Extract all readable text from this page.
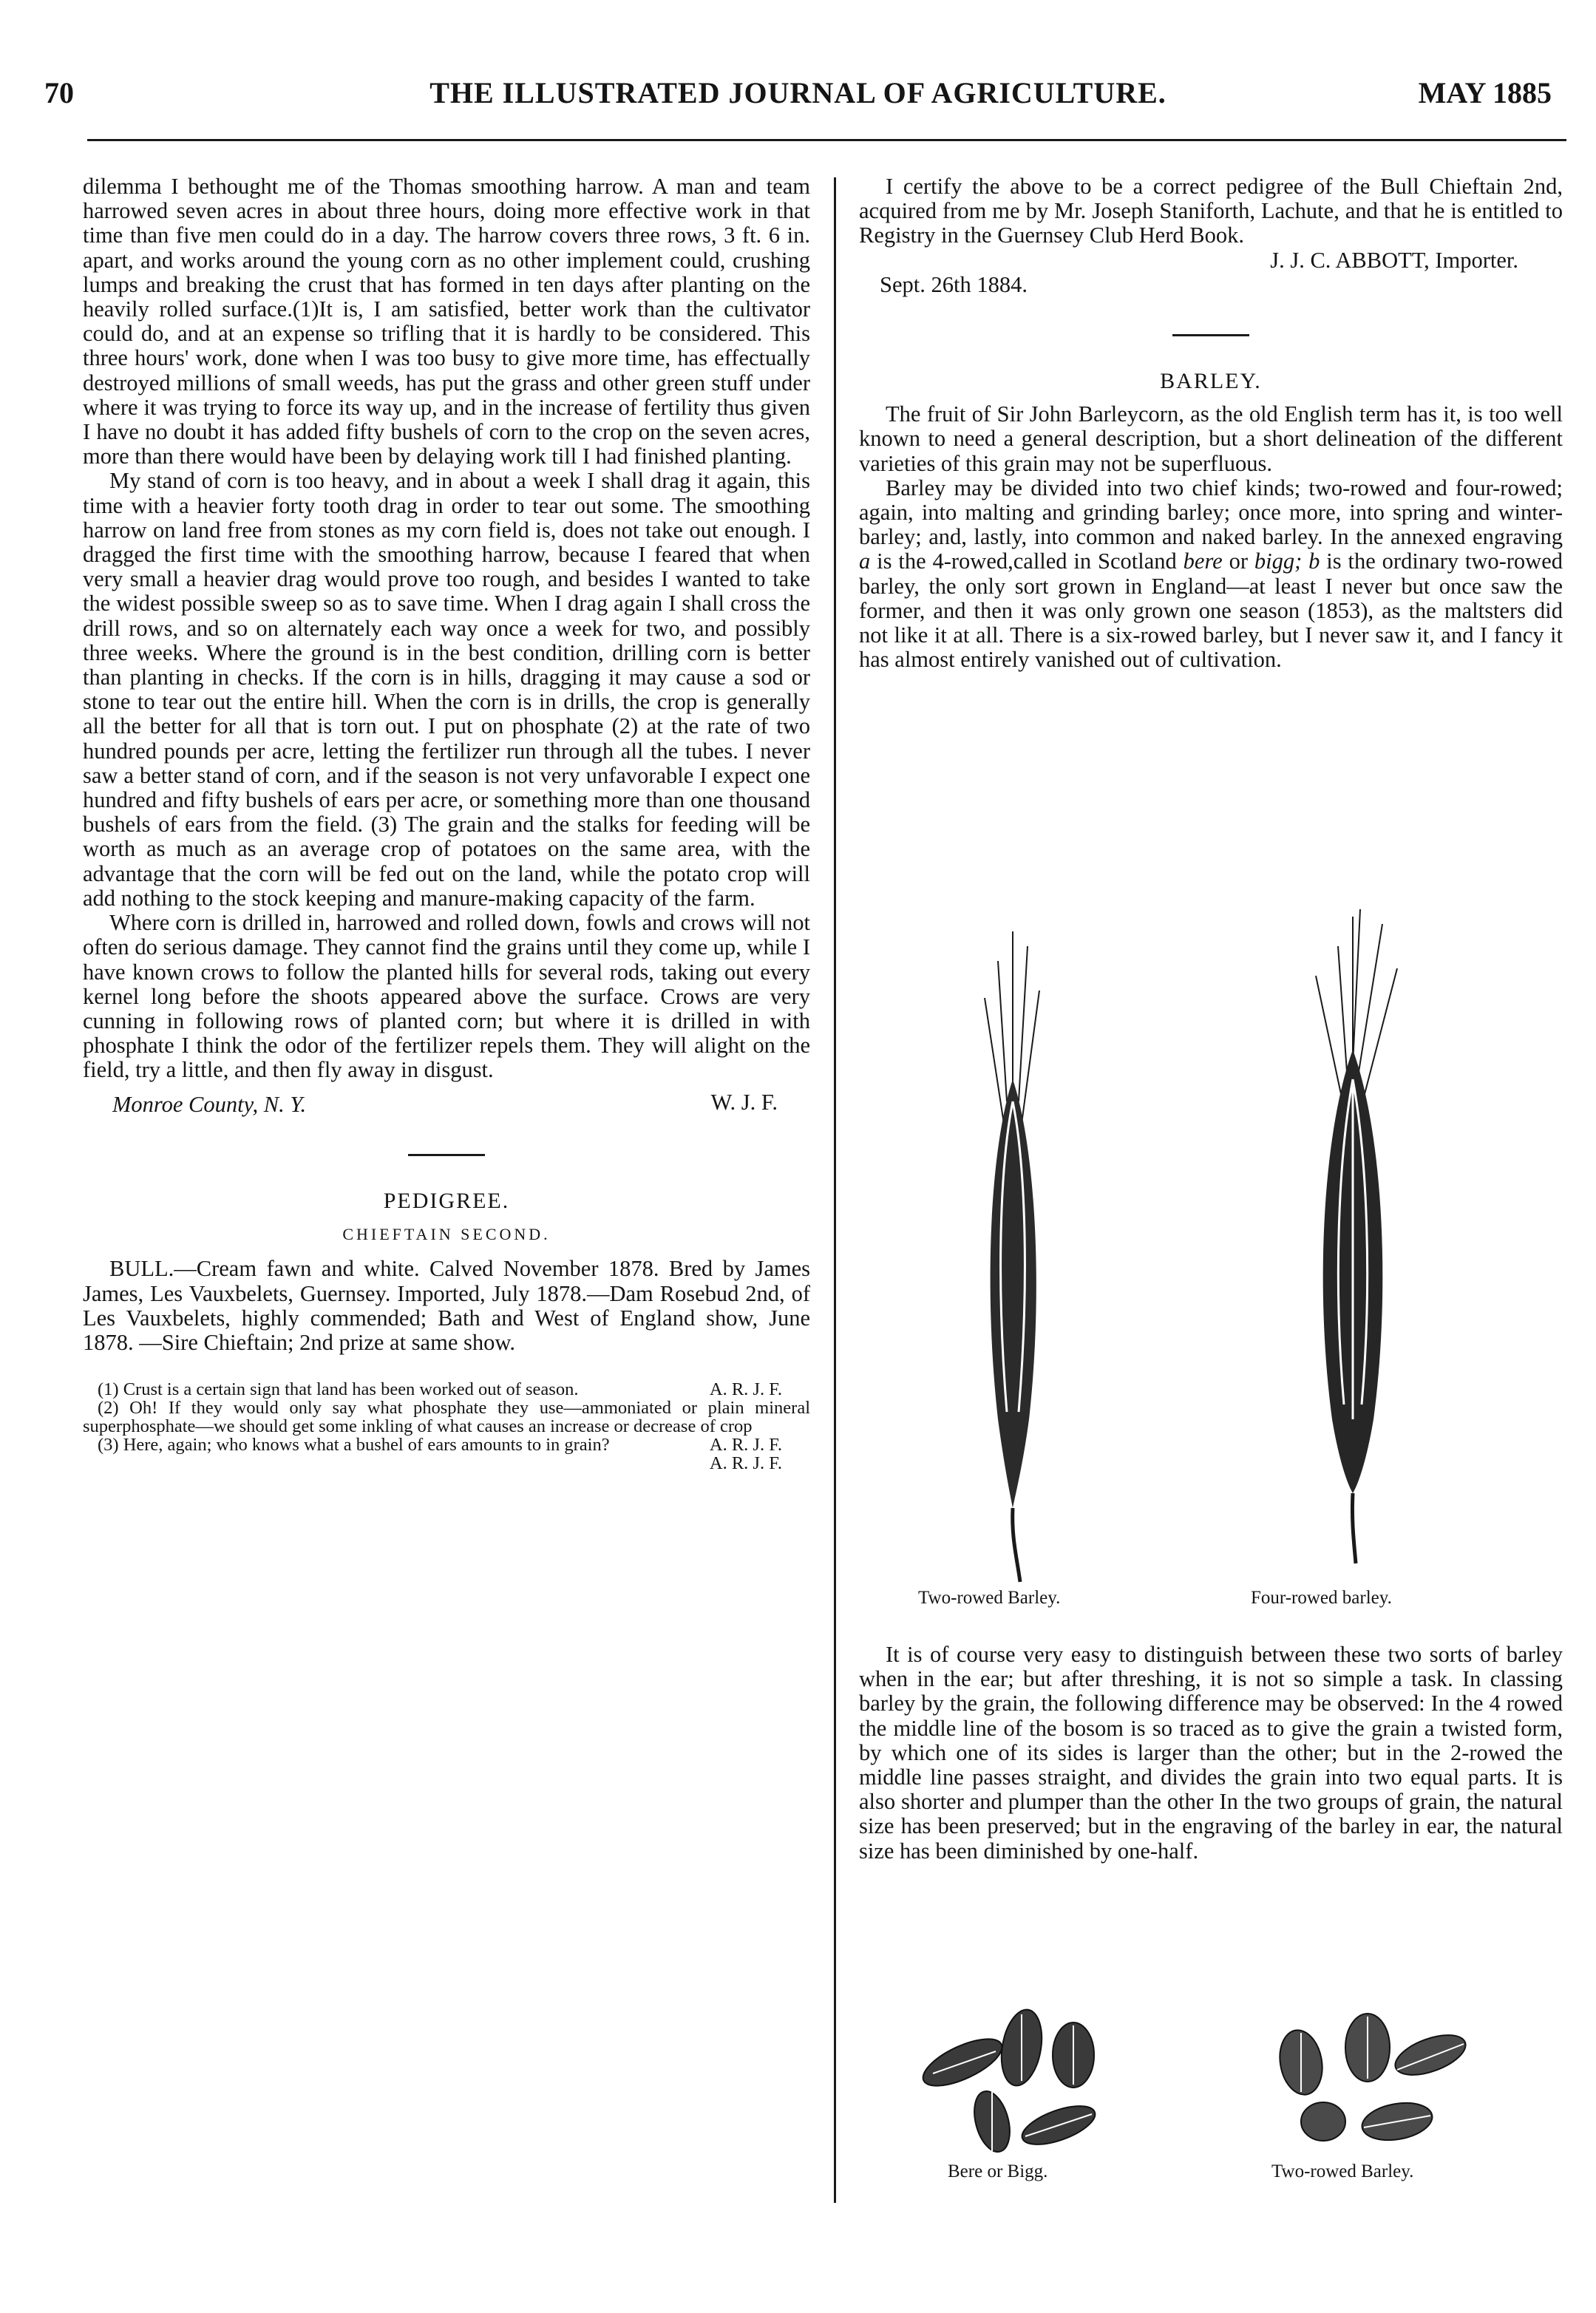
70	THE ILLUSTRATED JOURNAL OF AGRICULTURE.	MAY 1885

dilemma I bethought me of the Thomas smoothing harrow. A man and team harrowed seven acres in about three hours, doing more effective work in that time than five men could do in a day. The harrow covers three rows, 3 ft. 6 in. apart, and works around the young corn as no other implement could, crushing lumps and breaking the crust that has formed in ten days after planting on the heavily rolled surface.(1)It is, I am satisfied, better work than the cultivator could do, and at an expense so trifling that it is hardly to be considered. This three hours' work, done when I was too busy to give more time, has effectually destroyed millions of small weeds, has put the grass and other green stuff under where it was trying to force its way up, and in the increase of fertility thus given I have no doubt it has added fifty bushels of corn to the crop on the seven acres, more than there would have been by delaying work till I had finished planting.

My stand of corn is too heavy, and in about a week I shall drag it again, this time with a heavier forty tooth drag in order to tear out some. The smoothing harrow on land free from stones as my corn field is, does not take out enough. I dragged the first time with the smoothing harrow, because I feared that when very small a heavier drag would prove too rough, and besides I wanted to take the widest possible sweep so as to save time. When I drag again I shall cross the drill rows, and so on alternately each way once a week for two, and possibly three weeks. Where the ground is in the best condition, drilling corn is better than planting in checks. If the corn is in hills, dragging it may cause a sod or stone to tear out the entire hill. When the corn is in drills, the crop is generally all the better for all that is torn out. I put on phosphate (2) at the rate of two hundred pounds per acre, letting the fertilizer run through all the tubes. I never saw a better stand of corn, and if the season is not very unfavorable I expect one hundred and fifty bushels of ears per acre, or something more than one thousand bushels of ears from the field. (3) The grain and the stalks for feeding will be worth as much as an average crop of potatoes on the same area, with the advantage that the corn will be fed out on the land, while the potato crop will add nothing to the stock keeping and manure-making capacity of the farm.

Where corn is drilled in, harrowed and rolled down, fowls and crows will not often do serious damage. They cannot find the grains until they come up, while I have known crows to follow the planted hills for several rods, taking out every kernel long before the shoots appeared above the surface. Crows are very cunning in following rows of planted corn; but where it is drilled in with phosphate I think the odor of the fertilizer repels them. They will alight on the field, try a little, and then fly away in disgust.

W. J. F.
Monroe County, N. Y.
PEDIGREE.
CHIEFTAIN SECOND.

BULL.—Cream fawn and white. Calved November 1878. Bred by James James, Les Vauxbelets, Guernsey. Imported, July 1878.—Dam Rosebud 2nd, of Les Vauxbelets, highly commended; Bath and West of England show, June 1878. —Sire Chieftain; 2nd prize at same show.

(1) Crust is a certain sign that land has been worked out of season.	A. R. J. F.

(2) Oh! If they would only say what phosphate they use—ammoniated or plain mineral superphosphate—we should get some inkling of what causes an increase or decrease of crop
A. R. J. F.

(3) Here, again; who knows what a bushel of ears amounts to in grain?
A. R. J. F.

I certify the above to be a correct pedigree of the Bull Chieftain 2nd, acquired from me by Mr. Joseph Staniforth, Lachute, and that he is entitled to Registry in the Guernsey Club Herd Book.

J. J. C. ABBOTT, Importer.
Sept. 26th 1884.
BARLEY.

The fruit of Sir John Barleycorn, as the old English term has it, is too well known to need a general description, but a short delineation of the different varieties of this grain may not be superfluous.

Barley may be divided into two chief kinds; two-rowed and four-rowed; again, into malting and grinding barley; once more, into spring and winter-barley; and, lastly, into common and naked barley. In the annexed engraving a is the 4-rowed,called in Scotland bere or bigg; b is the ordinary two-rowed barley, the only sort grown in England—at least I never but once saw the former, and then it was only grown one season (1853), as the maltsters did not like it at all. There is a six-rowed barley, but I never saw it, and I fancy it has almost entirely vanished out of cultivation.

Two-rowed Barley.	Four-rowed barley.

It is of course very easy to distinguish between these two sorts of barley when in the ear; but after threshing, it is not so simple a task. In classing barley by the grain, the following difference may be observed: In the 4 rowed the middle line of the bosom is so traced as to give the grain a twisted form, by which one of its sides is larger than the other; but in the 2-rowed the middle line passes straight, and divides the grain into two equal parts. It is also shorter and plumper than the other In the two groups of grain, the natural size has been preserved; but in the engraving of the barley in ear, the natural size has been diminished by one-half.

Bere or Bigg.	Two-rowed Barley.
